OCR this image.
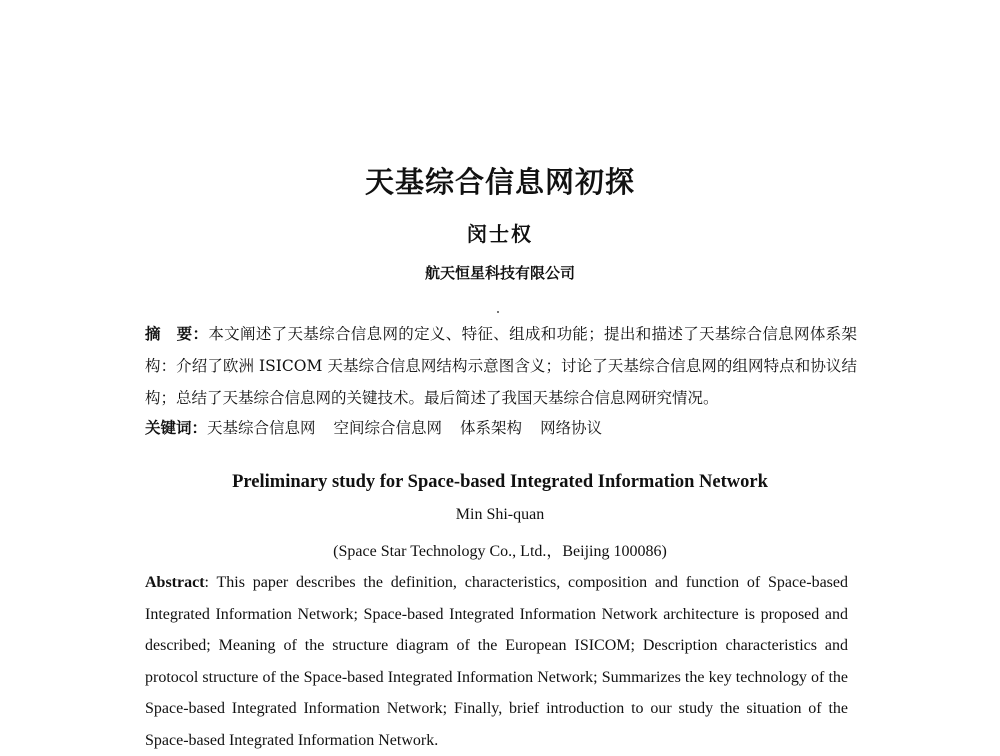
天基综合信息网初探
闵士权
航天恒星科技有限公司
摘　要：本文阐述了天基综合信息网的定义、特征、组成和功能；提出和描述了天基综合信息网体系架构：介绍了欧洲 ISICOM 天基综合信息网结构示意图含义；讨论了天基综合信息网的组网特点和协议结构；总结了天基综合信息网的关键技术。最后简述了我国天基综合信息网研究情况。
关键词：天基综合信息网 空间综合信息网 体系架构 网络协议
Preliminary study for Space-based Integrated Information Network
Min Shi-quan
(Space Star Technology Co., Ltd.，Beijing 100086)
Abstract: This paper describes the definition, characteristics, composition and function of Space-based Integrated Information Network; Space-based Integrated Information Network architecture is proposed and described; Meaning of the structure diagram of the European ISICOM; Description characteristics and protocol structure of the Space-based Integrated Information Network; Summarizes the key technology of the Space-based Integrated Information Network; Finally, brief introduction to our study the situation of the Space-based Integrated Information Network.
